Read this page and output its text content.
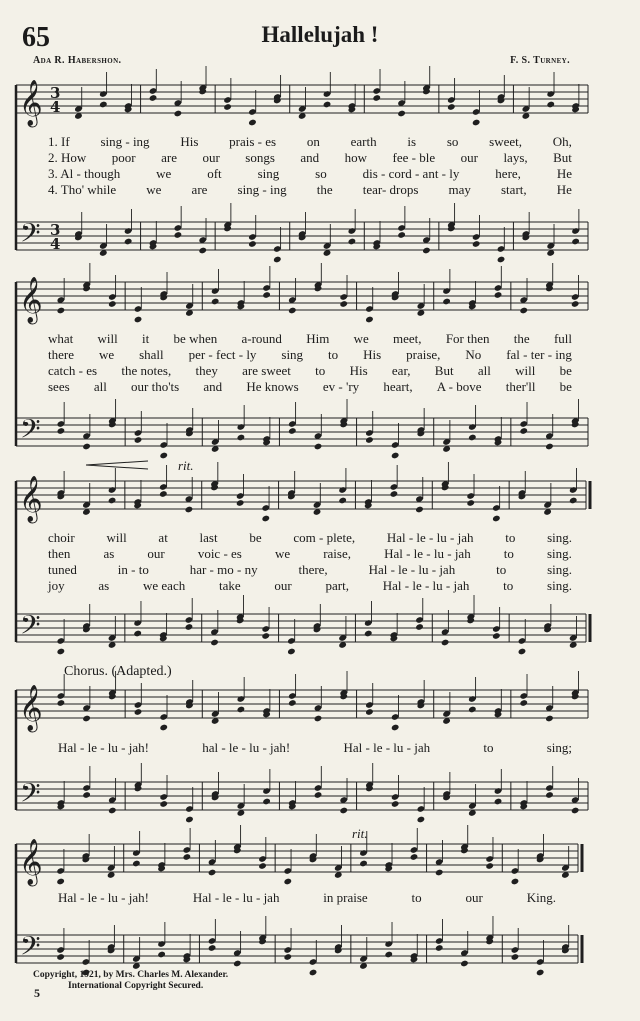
65	Hallelujah !
Ada R. Habershon.	F. S. Turney.
𝄞
𝄢
3
4
3
4
𝄞
𝄢
𝄞
𝄢
𝄞
𝄢
𝄞
𝄢
1. If sing - ing His prais - es on earth is so sweet, Oh,
2. How poor are our songs and how fee - ble our lays, But
3. Al - though	we	oft	sing	so	dis - cord - ant - ly	here,	He
4. Tho' while we are sing - ing the tear- drops may start, He
what will it be when a-round Him we meet, For then the full
there we shall per - fect - ly sing to His praise, No fal - ter - ing
catch - es the notes, they are sweet to His ear, But all will be
sees all our tho'ts and He knows ev - 'ry heart, A - bove ther'll be
choir will at last be com - plete, Hal - le - lu - jah to sing.
then	as	our	voic - es	we	raise,	Hal - le - lu - jah	to	sing.
tuned	in - to	har - mo - ny	there,	Hal - le - lu - jah	to	sing.
joy	as	we each	take	our	part,	Hal - le - lu - jah	to	sing.
Hal - le - lu - jah!	hal - le - lu - jah!	Hal - le - lu - jah	to	sing;
Hal - le - lu - jah!	Hal - le - lu - jah	in praise	to	our	King.
rit.
rit.
Chorus. (Adapted.)
Copyright, 1921, by Mrs. Charles M. Alexander.
International Copyright Secured.
5
